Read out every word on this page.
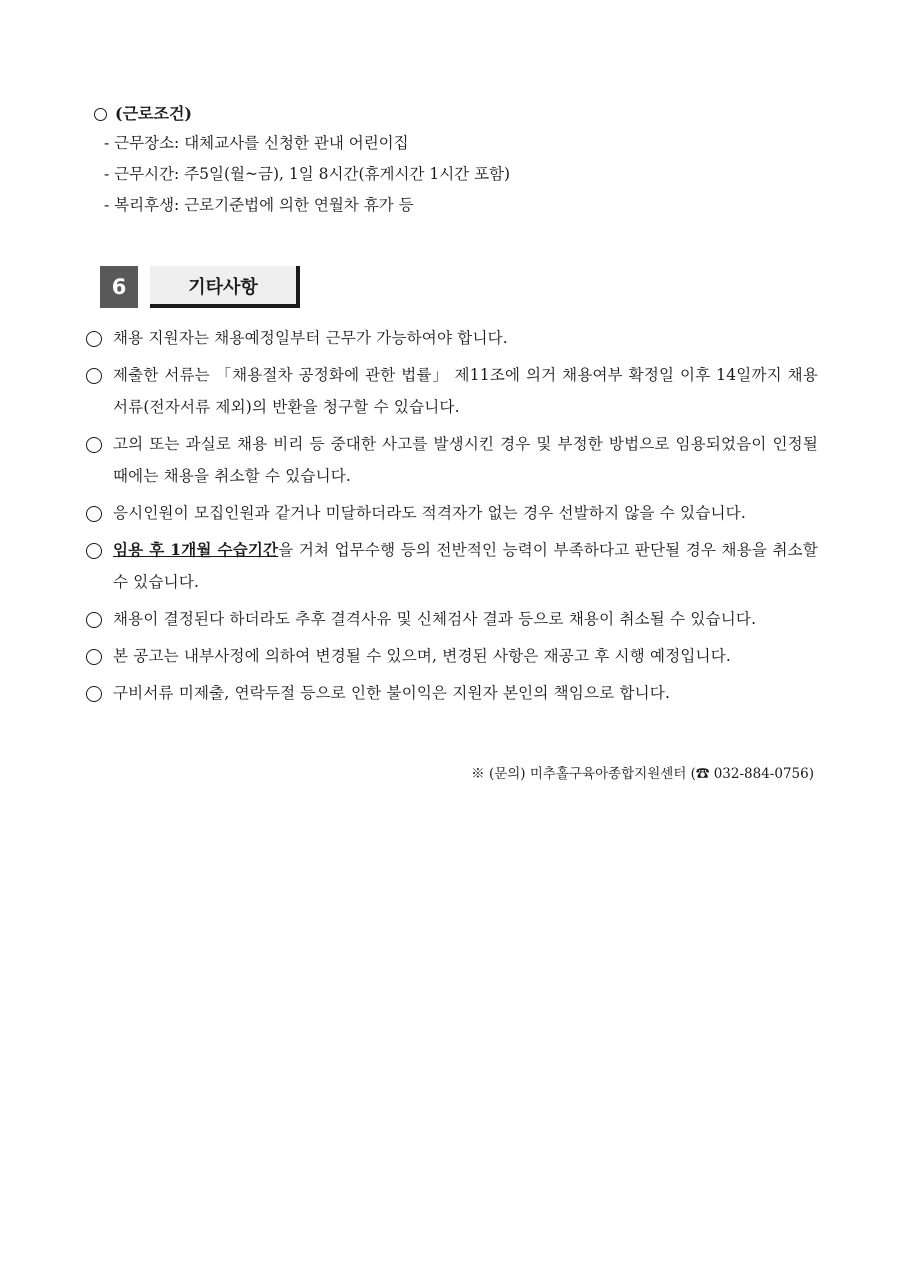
(근로조건)
- 근무장소: 대체교사를 신청한 관내 어린이집
- 근무시간: 주5일(월~금), 1일 8시간(휴게시간 1시간 포함)
- 복리후생: 근로기준법에 의한 연월차 휴가 등
6	기타사항
채용 지원자는 채용예정일부터 근무가 가능하여야 합니다.
제출한 서류는 「채용절차 공정화에 관한 법률」 제11조에 의거 채용여부 확정일 이후 14일까지 채용서류(전자서류 제외)의 반환을 청구할 수 있습니다.
고의 또는 과실로 채용 비리 등 중대한 사고를 발생시킨 경우 및 부정한 방법으로 임용되었음이 인정될 때에는 채용을 취소할 수 있습니다.
응시인원이 모집인원과 같거나 미달하더라도 적격자가 없는 경우 선발하지 않을 수 있습니다.
임용 후 1개월 수습기간을 거쳐 업무수행 등의 전반적인 능력이 부족하다고 판단될 경우 채용을 취소할 수 있습니다.
채용이 결정된다 하더라도 추후 결격사유 및 신체검사 결과 등으로 채용이 취소될 수 있습니다.
본 공고는 내부사정에 의하여 변경될 수 있으며, 변경된 사항은 재공고 후 시행 예정입니다.
구비서류 미제출, 연락두절 등으로 인한 불이익은 지원자 본인의 책임으로 합니다.
※ (문의) 미추홀구육아종합지원센터 (☎ 032-884-0756)
